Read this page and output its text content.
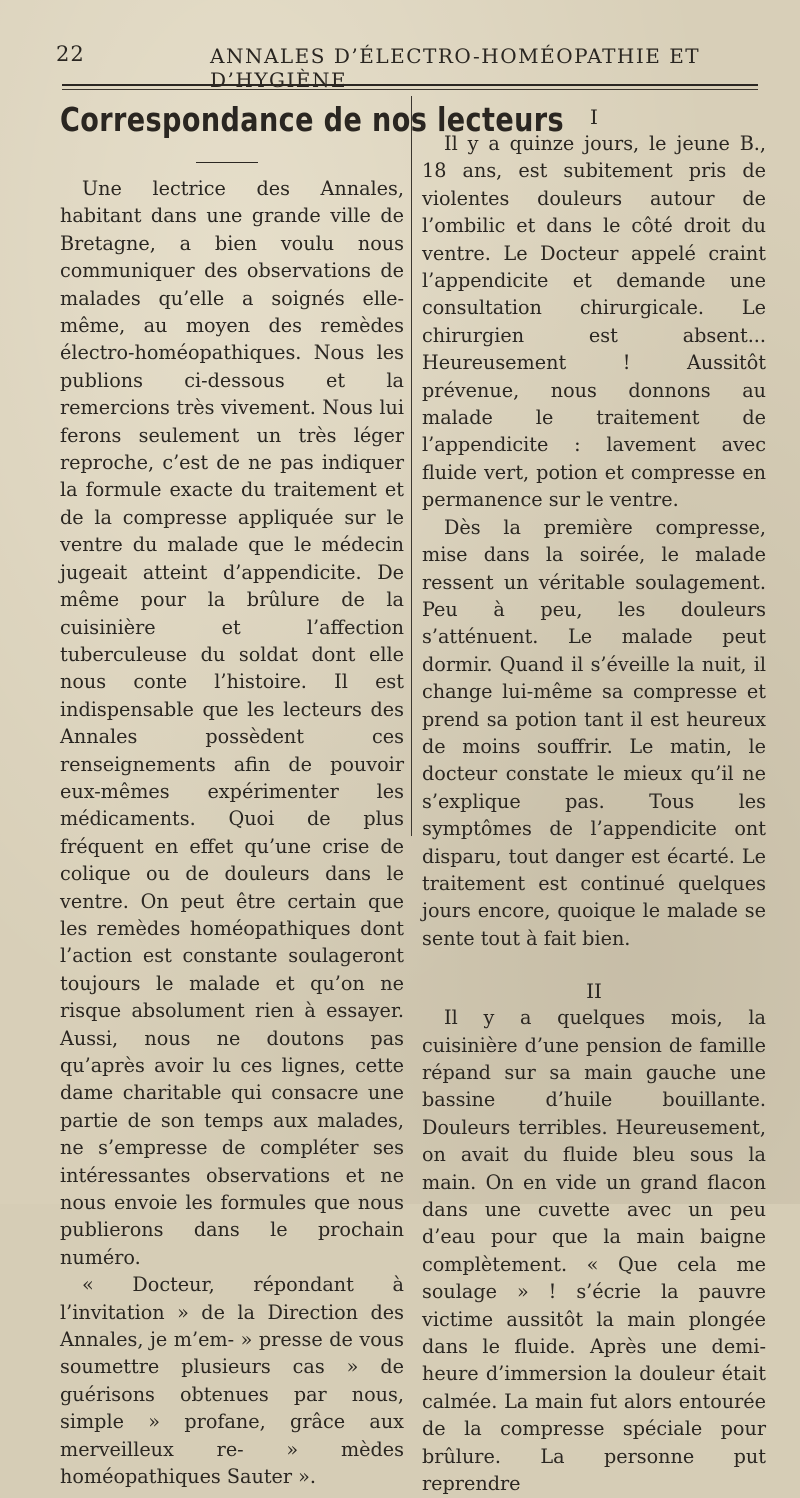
22	ANNALES D’ÉLECTRO-HOMÉOPATHIE ET D’HYGIÈNE
Correspondance de nos lecteurs

Une lectrice des Annales, habitant dans une grande ville de Bretagne, a bien voulu nous communiquer des observations de malades qu’elle a soignés elle-même, au moyen des remèdes électro-homéopathiques. Nous les publions ci-dessous et la remercions très vivement. Nous lui ferons seulement un très léger reproche, c’est de ne pas indiquer la formule exacte du traitement et de la compresse appliquée sur le ventre du malade que le médecin jugeait atteint d’appendicite. De même pour la brûlure de la cuisinière et l’affection tuberculeuse du soldat dont elle nous conte l’histoire. Il est indispensable que les lecteurs des Annales possèdent ces renseignements afin de pouvoir eux-mêmes expérimenter les médicaments. Quoi de plus fréquent en effet qu’une crise de colique ou de douleurs dans le ventre. On peut être certain que les remèdes homéopathiques dont l’action est constante soulageront toujours le malade et qu’on ne risque absolument rien à essayer. Aussi, nous ne doutons pas qu’après avoir lu ces lignes, cette dame charitable qui consacre une partie de son temps aux malades, ne s’empresse de compléter ses intéressantes observations et ne nous envoie les formules que nous publierons dans le prochain numéro.

« Docteur, répondant à l’invitation » de la Direction des Annales, je m’em- » presse de vous soumettre plusieurs cas » de guérisons obtenues par nous, simple » profane, grâce aux merveilleux re- » mèdes homéopathiques Sauter ».

I

Il y a quinze jours, le jeune B., 18 ans, est subitement pris de violentes douleurs autour de l’ombilic et dans le côté droit du ventre. Le Docteur appelé craint l’appendicite et demande une consultation chirurgicale. Le chirurgien est absent... Heureusement ! Aussitôt prévenue, nous donnons au malade le traitement de l’appendicite : lavement avec fluide vert, potion et compresse en permanence sur le ventre.

Dès la première compresse, mise dans la soirée, le malade ressent un véritable soulagement. Peu à peu, les douleurs s’atténuent. Le malade peut dormir. Quand il s’éveille la nuit, il change lui-même sa compresse et prend sa potion tant il est heureux de moins souffrir. Le matin, le docteur constate le mieux qu’il ne s’explique pas. Tous les symptômes de l’appendicite ont disparu, tout danger est écarté. Le traitement est continué quelques jours encore, quoique le malade se sente tout à fait bien.

II

Il y a quelques mois, la cuisinière d’une pension de famille répand sur sa main gauche une bassine d’huile bouillante. Douleurs terribles. Heureusement, on avait du fluide bleu sous la main. On en vide un grand flacon dans une cuvette avec un peu d’eau pour que la main baigne complètement. « Que cela me soulage » ! s’écrie la pauvre victime aussitôt la main plongée dans le fluide. Après une demi-heure d’immersion la douleur était calmée. La main fut alors entourée de la compresse spéciale pour brûlure. La personne put reprendre
